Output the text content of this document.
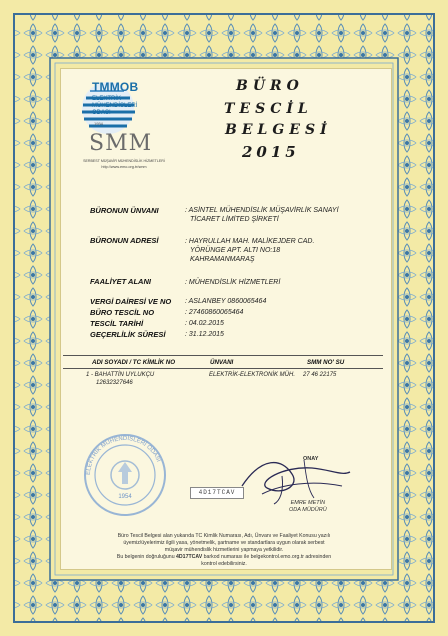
TMMOB
ELEKTRİK
MÜHENDİSLERİ
ODASI
1954
SMM
SERBEST MÜŞAVİR MÜHENDİSLİK HİZMETLERİ
http://www.emo.org.tr/smm
BÜRO
TESCİL
BELGESİ
2015
BÜRONUN ÜNVANI	: ASİNTEL MÜHENDİSLİK MÜŞAVİRLİK SANAYİ
TİCARET LİMİTED ŞİRKETİ
BÜRONUN ADRESİ	: HAYRULLAH MAH. MALİKEJDER CAD.
YÖRÜNGE APT. ALTI NO:18
KAHRAMANMARAŞ
FAALİYET ALANI	: MÜHENDİSLİK HİZMETLERİ
VERGİ DAİRESİ VE NO : ASLANBEY 0860065464
BÜRO TESCİL NO	: 27460860065464
TESCİL TARİHİ	: 04.02.2015
GEÇERLİLİK SÜRESİ	: 31.12.2015
ADI SOYADI / TC KİMLİK NO	ÜNVANI	SMM NO' SU
1 - BAHATTİN UYLUKÇU
12632327646
ELEKTRİK-ELEKTRONİK MÜH. 27 46 22175
ELEKTRİK MÜHENDİSLERİ ODASI
1954
4D17TCAV
ONAY
EMRE METİN
ODA MÜDÜRÜ
Büro Tescil Belgesi alan yukarıda TC Kimlik Numarası, Adı, Ünvanı ve Faaliyet Konusu yazılı
üyemiz/üyelerimiz ilgili yasa, yönetmelik, şartname ve standartlara uygun olarak serbest
müşavir mühendislik hizmetlerini yapmaya yetkilidir.
Bu belgenin doğruluğunu 4D17TCAV barkod numarası ile belgekontrol.emo.org.tr adresinden
kontrol edebilirsiniz.
